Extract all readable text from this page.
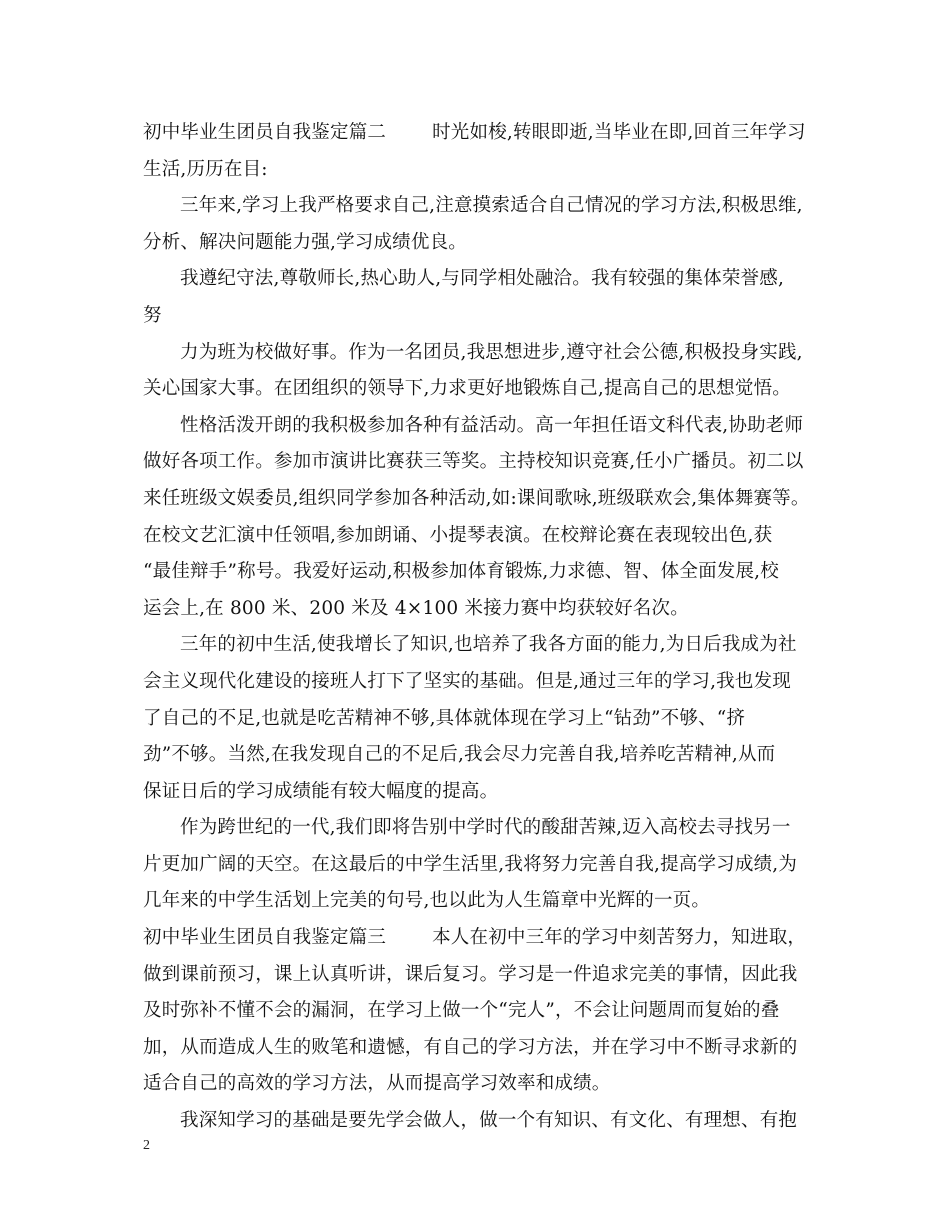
初中毕业生团员自我鉴定篇二 时光如梭,转眼即逝,当毕业在即,回首三年学习
生活,历历在目:
三年来,学习上我严格要求自己,注意摸索适合自己情况的学习方法,积极思维,
分析、解决问题能力强,学习成绩优良。
我遵纪守法,尊敬师长,热心助人,与同学相处融洽。我有较强的集体荣誉感,
努
力为班为校做好事。作为一名团员,我思想进步,遵守社会公德,积极投身实践,
关心国家大事。在团组织的领导下,力求更好地锻炼自己,提高自己的思想觉悟。
性格活泼开朗的我积极参加各种有益活动。高一年担任语文科代表,协助老师
做好各项工作。参加市演讲比赛获三等奖。主持校知识竞赛,任小广播员。初二以
来任班级文娱委员,组织同学参加各种活动,如:课间歌咏,班级联欢会,集体舞赛等。
在校文艺汇演中任领唱,参加朗诵、小提琴表演。在校辩论赛在表现较出色,获
“最佳辩手”称号。我爱好运动,积极参加体育锻炼,力求德、智、体全面发展,校
运会上,在 800 米、200 米及 4×100 米接力赛中均获较好名次。
三年的初中生活,使我增长了知识,也培养了我各方面的能力,为日后我成为社
会主义现代化建设的接班人打下了坚实的基础。但是,通过三年的学习,我也发现
了自己的不足,也就是吃苦精神不够,具体就体现在学习上“钻劲”不够、“挤
劲”不够。当然,在我发现自己的不足后,我会尽力完善自我,培养吃苦精神,从而
保证日后的学习成绩能有较大幅度的提高。
作为跨世纪的一代,我们即将告别中学时代的酸甜苦辣,迈入高校去寻找另一
片更加广阔的天空。在这最后的中学生活里,我将努力完善自我,提高学习成绩,为
几年来的中学生活划上完美的句号,也以此为人生篇章中光辉的一页。
初中毕业生团员自我鉴定篇三 本人在初中三年的学习中刻苦努力，知进取，
做到课前预习，课上认真听讲，课后复习。学习是一件追求完美的事情，因此我
及时弥补不懂不会的漏洞，在学习上做一个“完人”，不会让问题周而复始的叠
加，从而造成人生的败笔和遗憾，有自己的学习方法，并在学习中不断寻求新的
适合自己的高效的学习方法，从而提高学习效率和成绩。
我深知学习的基础是要先学会做人，做一个有知识、有文化、有理想、有抱
2
